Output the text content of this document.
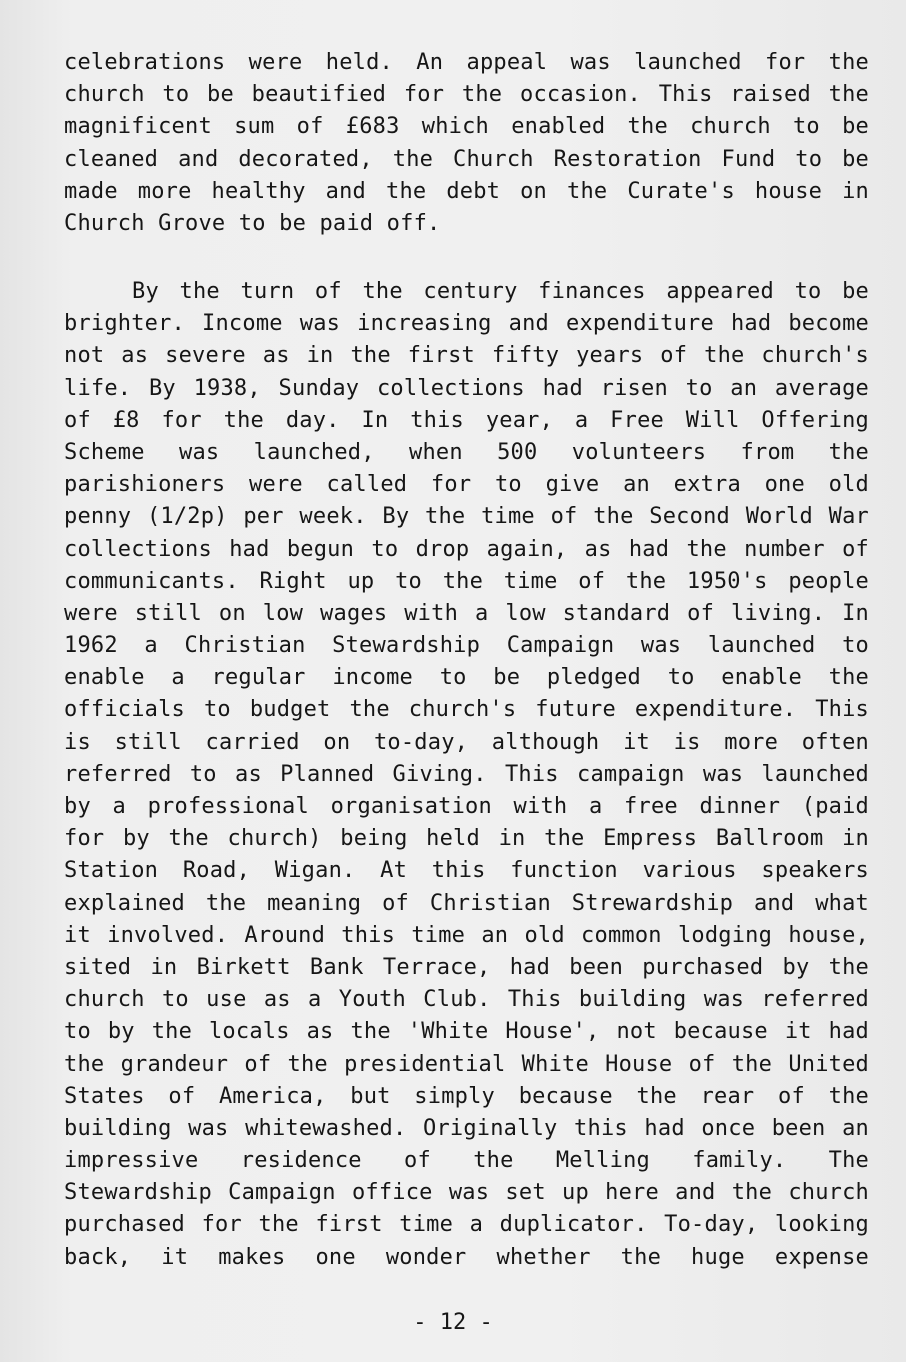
celebrations were held. An appeal was launched for the
church to be beautified for the occasion. This raised the
magnificent sum of £683 which enabled the church to be
cleaned and decorated, the Church Restoration Fund to be
made more healthy and the debt on the Curate's house in
Church Grove to be paid off.
By the turn of the century finances appeared to be
brighter. Income was increasing and expenditure had become
not as severe as in the first fifty years of the church's
life. By 1938, Sunday collections had risen to an average
of £8 for the day. In this year, a Free Will Offering
Scheme was launched, when 500 volunteers from the
parishioners were called for to give an extra one old
penny (1/2p) per week. By the time of the Second World War
collections had begun to drop again, as had the number of
communicants. Right up to the time of the 1950's people
were still on low wages with a low standard of living. In
1962 a Christian Stewardship Campaign was launched to
enable a regular income to be pledged to enable the
officials to budget the church's future expenditure. This
is still carried on to-day, although it is more often
referred to as Planned Giving. This campaign was launched
by a professional organisation with a free dinner (paid
for by the church) being held in the Empress Ballroom in
Station Road, Wigan. At this function various speakers
explained the meaning of Christian Strewardship and what
it involved. Around this time an old common lodging house,
sited in Birkett Bank Terrace, had been purchased by the
church to use as a Youth Club. This building was referred
to by the locals as the 'White House', not because it had
the grandeur of the presidential White House of the United
States of America, but simply because the rear of the
building was whitewashed. Originally this had once been an
impressive residence of the Melling family. The
Stewardship Campaign office was set up here and the church
purchased for the first time a duplicator. To-day, looking
back, it makes one wonder whether the huge expense
- 12 -
